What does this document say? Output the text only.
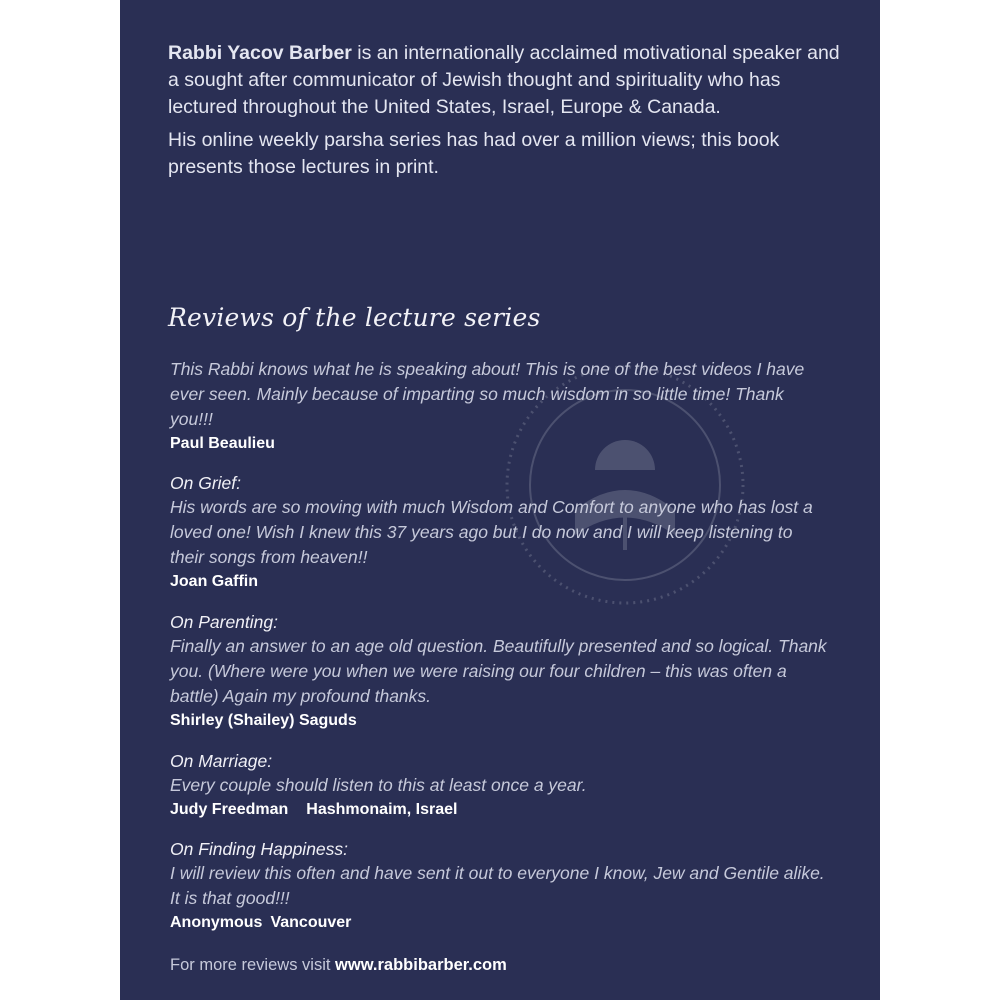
Rabbi Yacov Barber is an internationally acclaimed motivational speaker and a sought after communicator of Jewish thought and spirituality who has lectured throughout the United States, Israel, Europe & Canada.

His online weekly parsha series has had over a million views; this book presents those lectures in print.

Reviews of the lecture series
This Rabbi knows what he is speaking about! This is one of the best videos I have ever seen. Mainly because of imparting so much wisdom in so little time! Thank you!!!
Paul Beaulieu
On Grief:
His words are so moving with much Wisdom and Comfort to anyone who has lost a loved one! Wish I knew this 37 years ago but I do now and I will keep listening to their songs from heaven!!
Joan Gaffin
On Parenting:
Finally an answer to an age old question. Beautifully presented and so logical. Thank you. (Where were you when we were raising our four children – this was often a battle) Again my profound thanks.
Shirley (Shailey) Saguds
On Marriage:
Every couple should listen to this at least once a year.
Judy Freedman Hashmonaim, Israel
On Finding Happiness:
I will review this often and have sent it out to everyone I know, Jew and Gentile alike. It is that good!!!
Anonymous Vancouver
For more reviews visit www.rabbibarber.com
